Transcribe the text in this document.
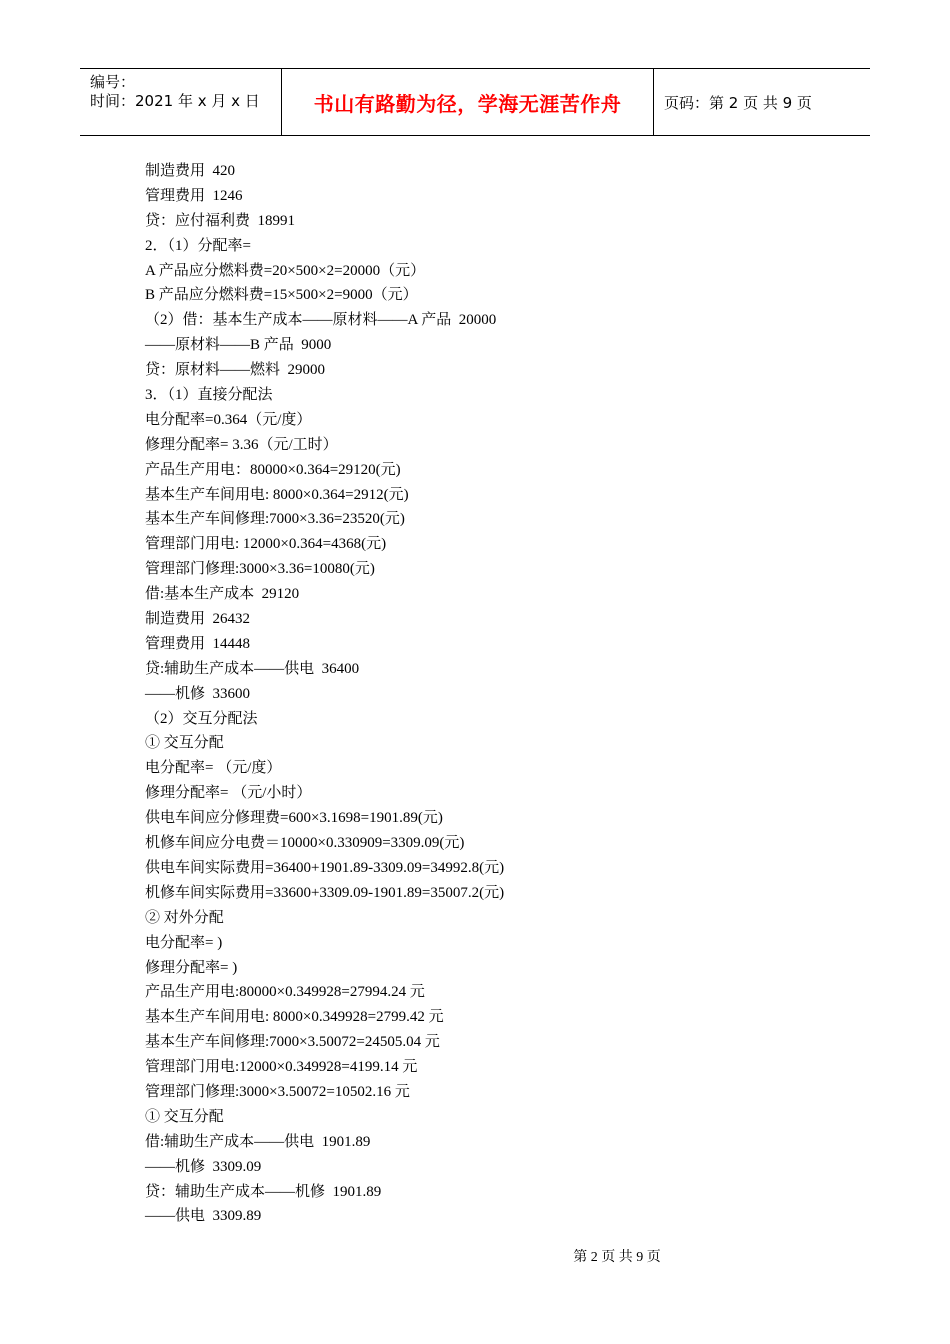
编号：
时间：2021 年 x 月 x 日	书山有路勤为径，学海无涯苦作舟	页码：第 2 页 共 9 页
制造费用  420
管理费用  1246
贷：应付福利费  18991
2．（1）分配率=
A 产品应分燃料费=20×500×2=20000（元）
B 产品应分燃料费=15×500×2=9000（元）
（2）借：基本生产成本——原材料——A 产品  20000
——原材料——B 产品  9000
贷：原材料——燃料  29000
3．（1）直接分配法
电分配率=0.364（元/度）
修理分配率= 3.36（元/工时）
产品生产用电：80000×0.364=29120(元)
基本生产车间用电: 8000×0.364=2912(元)
基本生产车间修理:7000×3.36=23520(元)
管理部门用电: 12000×0.364=4368(元)
管理部门修理:3000×3.36=10080(元)
借:基本生产成本  29120
制造费用  26432
管理费用  14448
贷:辅助生产成本——供电  36400
——机修  33600
（2）交互分配法
① 交互分配
电分配率= （元/度）
修理分配率= （元/小时）
供电车间应分修理费=600×3.1698=1901.89(元)
机修车间应分电费＝10000×0.330909=3309.09(元)
供电车间实际费用=36400+1901.89-3309.09=34992.8(元)
机修车间实际费用=33600+3309.09-1901.89=35007.2(元)
② 对外分配
电分配率= )
修理分配率= )
产品生产用电:80000×0.349928=27994.24 元
基本生产车间用电: 8000×0.349928=2799.42 元
基本生产车间修理:7000×3.50072=24505.04 元
管理部门用电:12000×0.349928=4199.14 元
管理部门修理:3000×3.50072=10502.16 元
① 交互分配
借:辅助生产成本——供电  1901.89
——机修  3309.09
贷：辅助生产成本——机修  1901.89
——供电  3309.89
第 2 页 共 9 页
